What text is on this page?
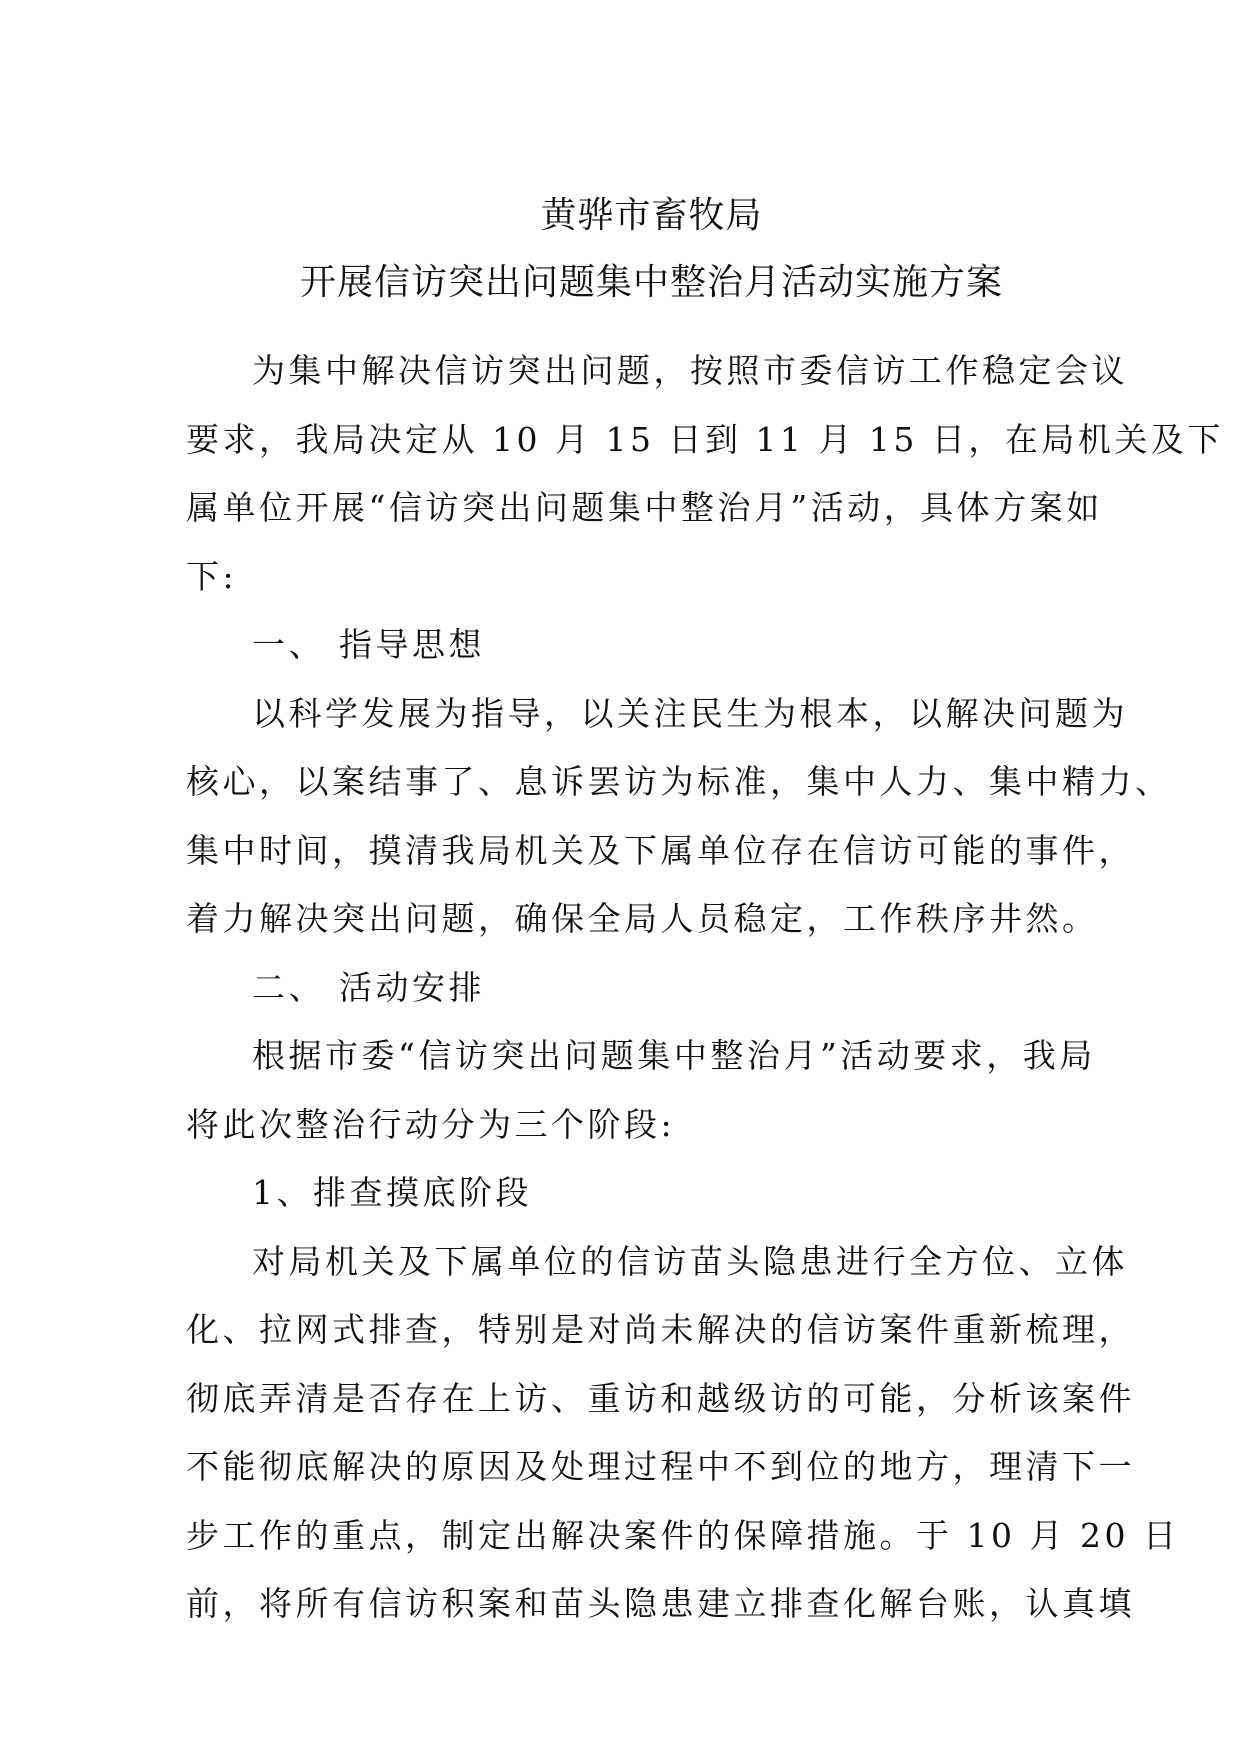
黄骅市畜牧局
开展信访突出问题集中整治月活动实施方案
为集中解决信访突出问题，按照市委信访工作稳定会议
要求，我局决定从 10 月 15 日到 11 月 15 日，在局机关及下
属单位开展“信访突出问题集中整治月”活动，具体方案如
下:
一、 指导思想
以科学发展为指导，以关注民生为根本，以解决问题为
核心，以案结事了、息诉罢访为标准，集中人力、集中精力、
集中时间，摸清我局机关及下属单位存在信访可能的事件，
着力解决突出问题，确保全局人员稳定，工作秩序井然。
二、 活动安排
根据市委“信访突出问题集中整治月”活动要求，我局
将此次整治行动分为三个阶段:
1、排查摸底阶段
对局机关及下属单位的信访苗头隐患进行全方位、立体
化、拉网式排查，特别是对尚未解决的信访案件重新梳理，
彻底弄清是否存在上访、重访和越级访的可能，分析该案件
不能彻底解决的原因及处理过程中不到位的地方，理清下一
步工作的重点，制定出解决案件的保障措施。于 10 月 20 日
前，将所有信访积案和苗头隐患建立排查化解台账，认真填
